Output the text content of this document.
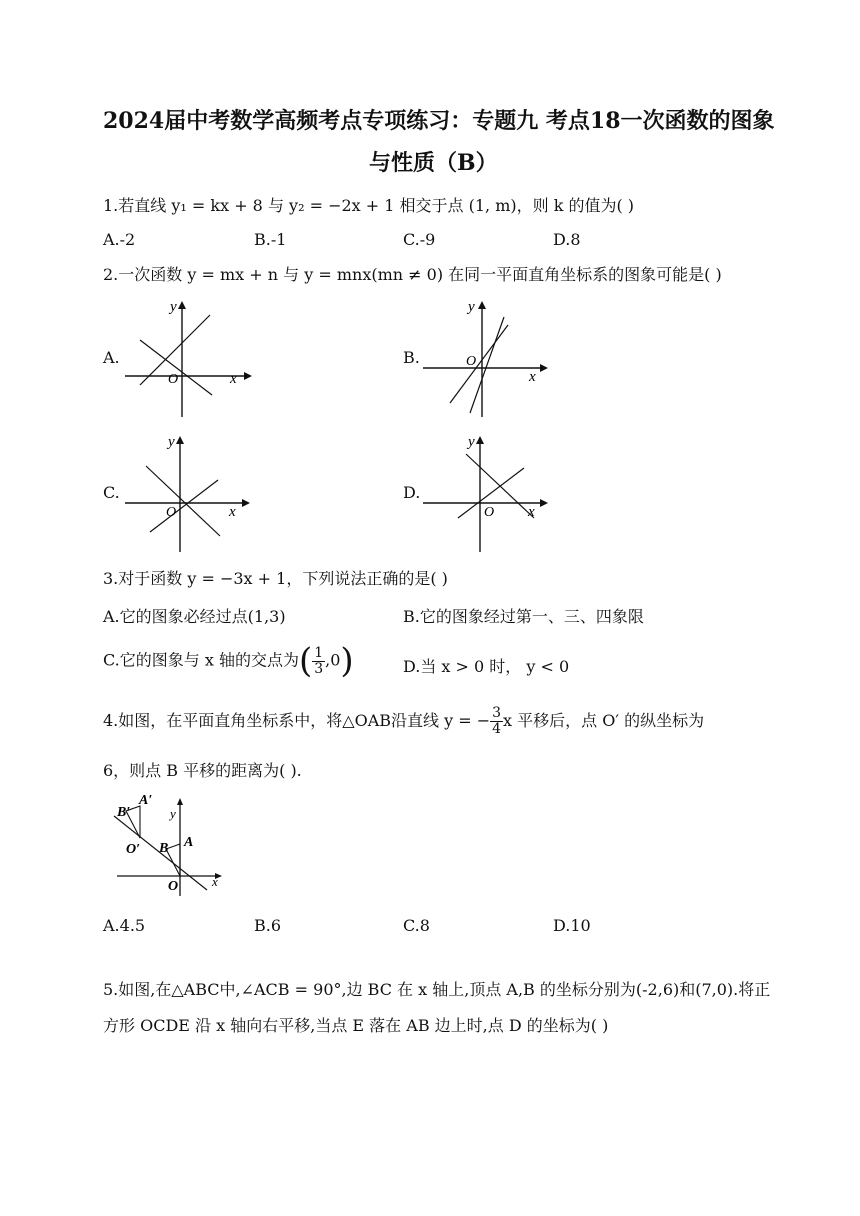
2024届中考数学高频考点专项练习：专题九 考点18一次函数的图象
与性质（B）
1.若直线 y₁ = kx + 8 与 y₂ = −2x + 1 相交于点 (1, m)，则 k 的值为( )
A.-2	B.-1	C.-9	D.8
2.一次函数 y = mx + n 与 y = mnx(mn ≠ 0) 在同一平面直角坐标系的图象可能是( )
A.
y
x
O
B.
y
x
O
C.
y
x
O
D.
y
x
O
3.对于函数 y = −3x + 1，下列说法正确的是( )
A.它的图象必经过点(1,3)	B.它的图象经过第一、三、四象限
C.它的图象与 x 轴的交点为( $\frac{1}{3} ,0$)	D.当 x > 0 时， y < 0
4.如图，在平面直角坐标系中，将△OAB沿直线 y = − $\frac{3}{4}$ x 平移后，点 O′ 的纵坐标为
6，则点 B 平移的距离为( ).
B′
A′
O′ B A
O	x
y
A.4.5	B.6	C.8	D.10
5.如图,在△ABC中,∠ACB = 90°,边 BC 在 x 轴上,顶点 A,B 的坐标分别为(-2,6)和(7,0).将正
方形 OCDE 沿 x 轴向右平移,当点 E 落在 AB 边上时,点 D 的坐标为( )
